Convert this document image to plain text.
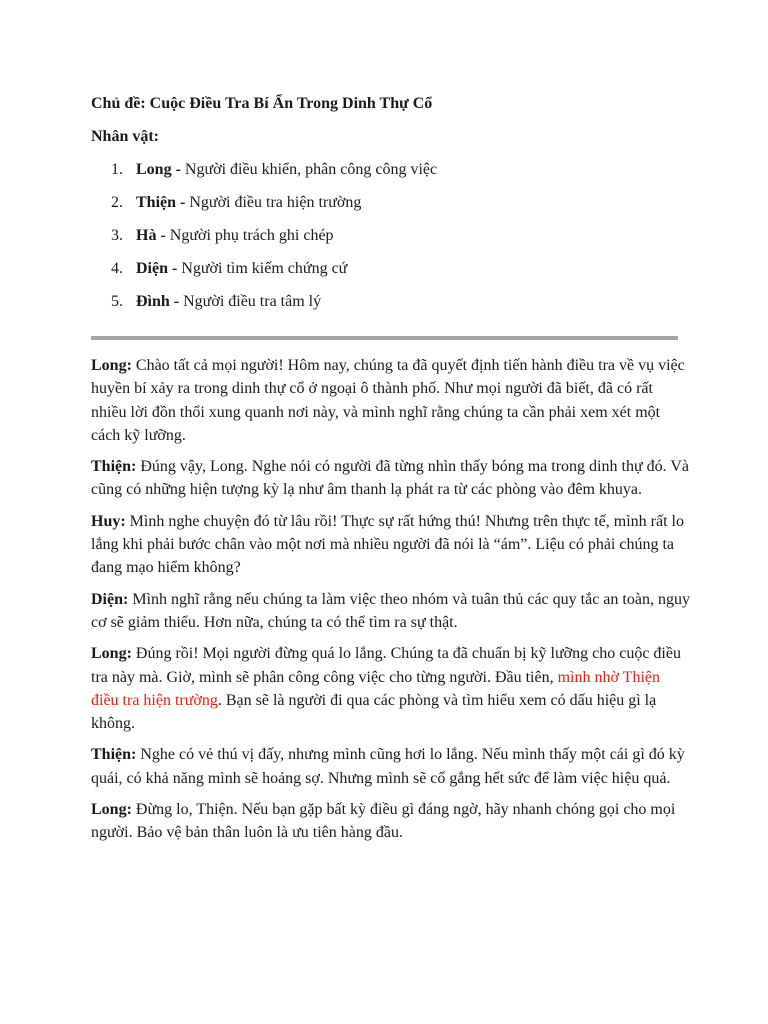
Chủ đề: Cuộc Điều Tra Bí Ẩn Trong Dinh Thự Cổ
Nhân vật:
1. Long - Người điều khiển, phân công công việc
2. Thiện - Người điều tra hiện trường
3. Hà - Người phụ trách ghi chép
4. Diện - Người tìm kiếm chứng cứ
5. Đình - Người điều tra tâm lý

Long: Chào tất cả mọi người! Hôm nay, chúng ta đã quyết định tiến hành điều tra về vụ việc huyền bí xảy ra trong dinh thự cổ ở ngoại ô thành phố. Như mọi người đã biết, đã có rất nhiều lời đồn thổi xung quanh nơi này, và mình nghĩ rằng chúng ta cần phải xem xét một cách kỹ lưỡng.

Thiện: Đúng vậy, Long. Nghe nói có người đã từng nhìn thấy bóng ma trong dinh thự đó. Và cũng có những hiện tượng kỳ lạ như âm thanh lạ phát ra từ các phòng vào đêm khuya.

Huy: Mình nghe chuyện đó từ lâu rồi! Thực sự rất hứng thú! Nhưng trên thực tế, mình rất lo lắng khi phải bước chân vào một nơi mà nhiều người đã nói là “ám”. Liệu có phải chúng ta đang mạo hiểm không?

Diện: Mình nghĩ rằng nếu chúng ta làm việc theo nhóm và tuân thủ các quy tắc an toàn, nguy cơ sẽ giảm thiểu. Hơn nữa, chúng ta có thể tìm ra sự thật.

Long: Đúng rồi! Mọi người đừng quá lo lắng. Chúng ta đã chuẩn bị kỹ lưỡng cho cuộc điều tra này mà. Giờ, mình sẽ phân công công việc cho từng người. Đầu tiên, mình nhờ Thiện điều tra hiện trường. Bạn sẽ là người đi qua các phòng và tìm hiểu xem có dấu hiệu gì lạ không.

Thiện: Nghe có vẻ thú vị đấy, nhưng mình cũng hơi lo lắng. Nếu mình thấy một cái gì đó kỳ quái, có khả năng mình sẽ hoảng sợ. Nhưng mình sẽ cố gắng hết sức để làm việc hiệu quả.

Long: Đừng lo, Thiện. Nếu bạn gặp bất kỳ điều gì đáng ngờ, hãy nhanh chóng gọi cho mọi người. Bảo vệ bản thân luôn là ưu tiên hàng đầu.
